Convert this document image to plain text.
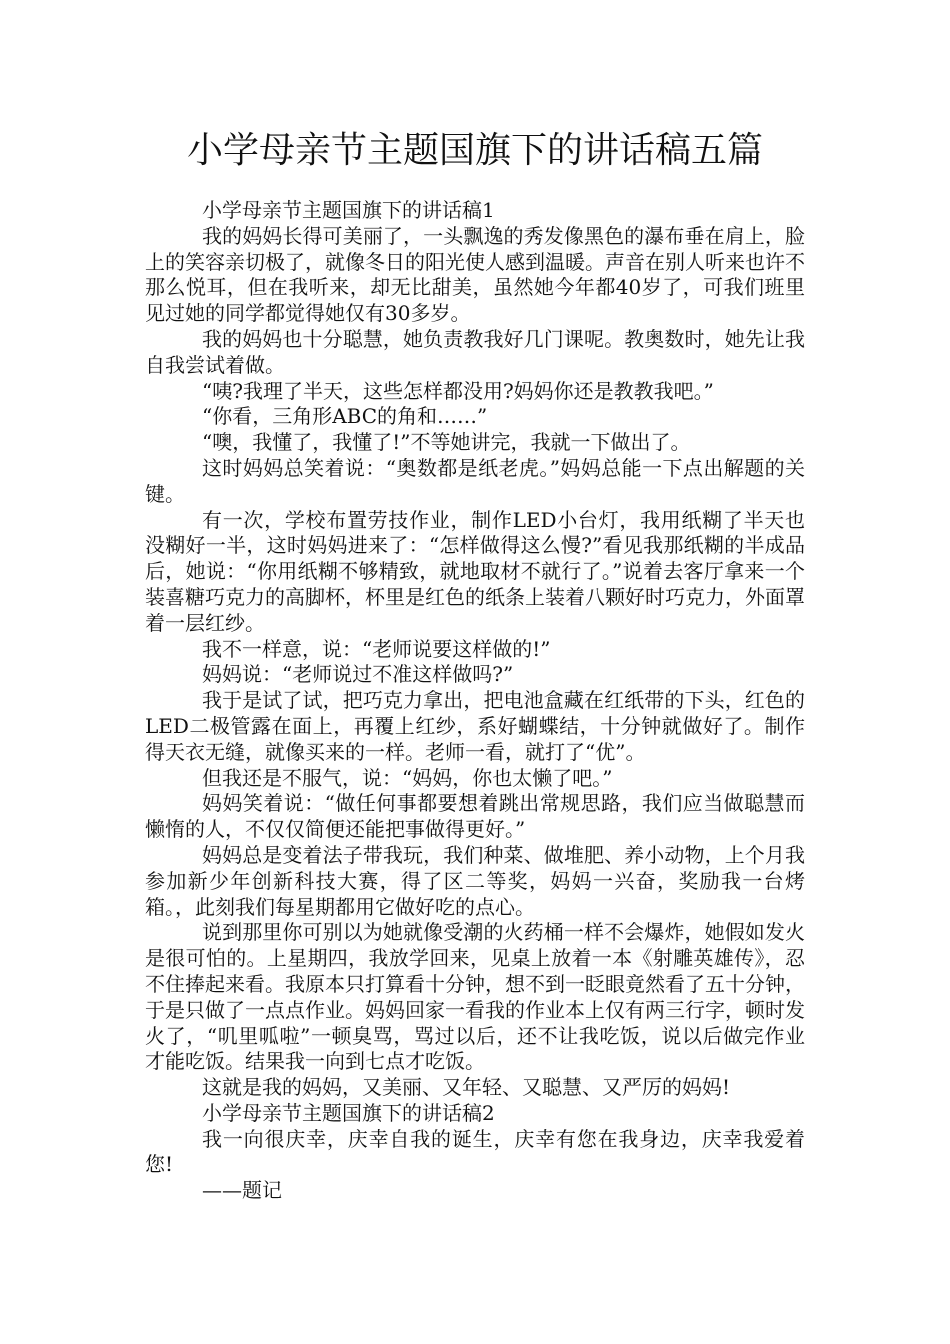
小学母亲节主题国旗下的讲话稿五篇

小学母亲节主题国旗下的讲话稿1

我的妈妈长得可美丽了，一头飘逸的秀发像黑色的瀑布垂在肩上，脸上的笑容亲切极了，就像冬日的阳光使人感到温暖。声音在别人听来也许不那么悦耳，但在我听来，却无比甜美，虽然她今年都40岁了，可我们班里见过她的同学都觉得她仅有30多岁。

我的妈妈也十分聪慧，她负责教我好几门课呢。教奥数时，她先让我自我尝试着做。

“咦?我理了半天，这些怎样都没用?妈妈你还是教教我吧。”

“你看，三角形ABC的角和……”

“噢，我懂了，我懂了!”不等她讲完，我就一下做出了。

这时妈妈总笑着说：“奥数都是纸老虎。”妈妈总能一下点出解题的关键。

有一次，学校布置劳技作业，制作LED小台灯，我用纸糊了半天也没糊好一半，这时妈妈进来了：“怎样做得这么慢?”看见我那纸糊的半成品后，她说：“你用纸糊不够精致，就地取材不就行了。”说着去客厅拿来一个装喜糖巧克力的高脚杯，杯里是红色的纸条上装着八颗好时巧克力，外面罩着一层红纱。

我不一样意，说：“老师说要这样做的!”

妈妈说：“老师说过不准这样做吗?”

我于是试了试，把巧克力拿出，把电池盒藏在红纸带的下头，红色的LED二极管露在面上，再覆上红纱，系好蝴蝶结，十分钟就做好了。制作得天衣无缝，就像买来的一样。老师一看，就打了“优”。

但我还是不服气，说：“妈妈，你也太懒了吧。”

妈妈笑着说：“做任何事都要想着跳出常规思路，我们应当做聪慧而懒惰的人，不仅仅简便还能把事做得更好。”

妈妈总是变着法子带我玩，我们种菜、做堆肥、养小动物，上个月我参加新少年创新科技大赛，得了区二等奖，妈妈一兴奋，奖励我一台烤箱。，此刻我们每星期都用它做好吃的点心。

说到那里你可别以为她就像受潮的火药桶一样不会爆炸，她假如发火是很可怕的。上星期四，我放学回来，见桌上放着一本《射雕英雄传》，忍不住捧起来看。我原本只打算看十分钟，想不到一眨眼竟然看了五十分钟，于是只做了一点点作业。妈妈回家一看我的作业本上仅有两三行字，顿时发火了，“叽里呱啦”一顿臭骂，骂过以后，还不让我吃饭，说以后做完作业才能吃饭。结果我一向到七点才吃饭。

这就是我的妈妈，又美丽、又年轻、又聪慧、又严厉的妈妈!

小学母亲节主题国旗下的讲话稿2

我一向很庆幸，庆幸自我的诞生，庆幸有您在我身边，庆幸我爱着您!

——题记
